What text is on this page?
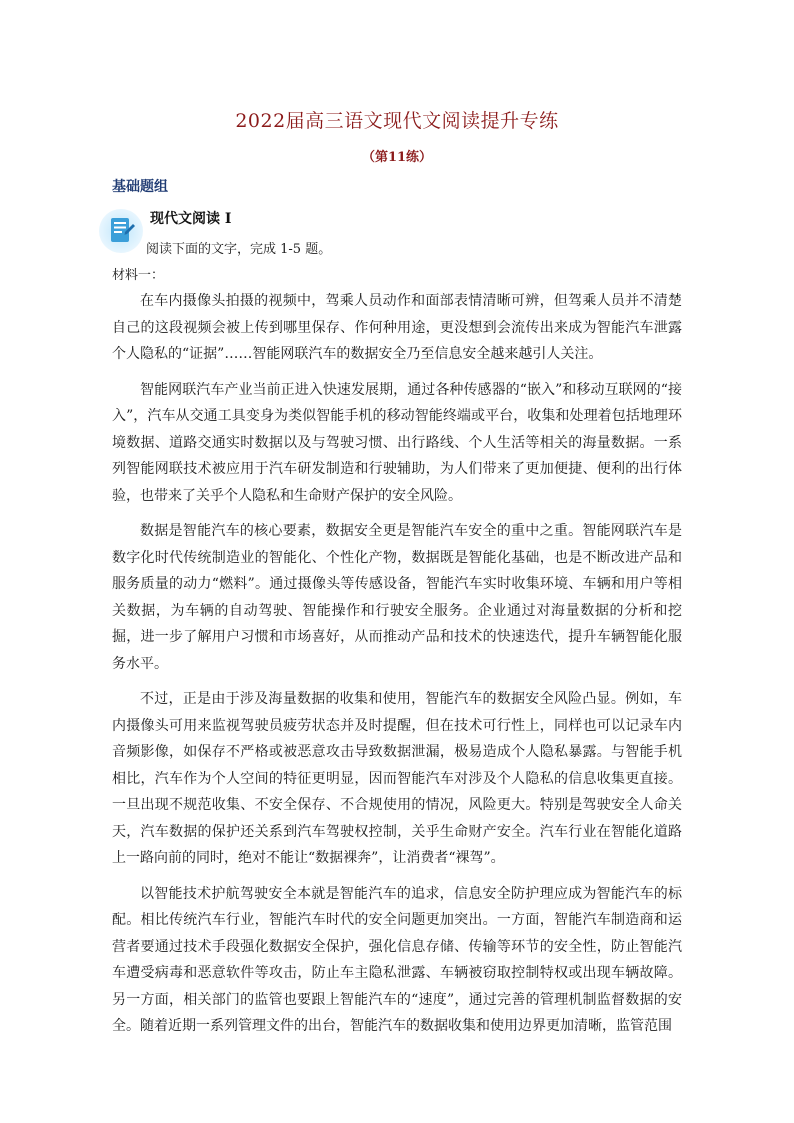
2022届高三语文现代文阅读提升专练
（第11练）
基础题组
现代文阅读 I
阅读下面的文字，完成 1-5 题。
材料一：

在车内摄像头拍摄的视频中，驾乘人员动作和面部表情清晰可辨，但驾乘人员并不清楚自己的这段视频会被上传到哪里保存、作何种用途，更没想到会流传出来成为智能汽车泄露个人隐私的“证据”……智能网联汽车的数据安全乃至信息安全越来越引人关注。

智能网联汽车产业当前正进入快速发展期，通过各种传感器的“嵌入”和移动互联网的“接入”，汽车从交通工具变身为类似智能手机的移动智能终端或平台，收集和处理着包括地理环境数据、道路交通实时数据以及与驾驶习惯、出行路线、个人生活等相关的海量数据。一系列智能网联技术被应用于汽车研发制造和行驶辅助，为人们带来了更加便捷、便利的出行体验，也带来了关乎个人隐私和生命财产保护的安全风险。

数据是智能汽车的核心要素，数据安全更是智能汽车安全的重中之重。智能网联汽车是数字化时代传统制造业的智能化、个性化产物，数据既是智能化基础，也是不断改进产品和服务质量的动力“燃料”。通过摄像头等传感设备，智能汽车实时收集环境、车辆和用户等相关数据，为车辆的自动驾驶、智能操作和行驶安全服务。企业通过对海量数据的分析和挖掘，进一步了解用户习惯和市场喜好，从而推动产品和技术的快速迭代，提升车辆智能化服务水平。

不过，正是由于涉及海量数据的收集和使用，智能汽车的数据安全风险凸显。例如，车内摄像头可用来监视驾驶员疲劳状态并及时提醒，但在技术可行性上，同样也可以记录车内音频影像，如保存不严格或被恶意攻击导致数据泄漏，极易造成个人隐私暴露。与智能手机相比，汽车作为个人空间的特征更明显，因而智能汽车对涉及个人隐私的信息收集更直接。一旦出现不规范收集、不安全保存、不合规使用的情况，风险更大。特别是驾驶安全人命关天，汽车数据的保护还关系到汽车驾驶权控制，关乎生命财产安全。汽车行业在智能化道路上一路向前的同时，绝对不能让“数据裸奔”，让消费者“裸驾”。

以智能技术护航驾驶安全本就是智能汽车的追求，信息安全防护理应成为智能汽车的标配。相比传统汽车行业，智能汽车时代的安全问题更加突出。一方面，智能汽车制造商和运营者要通过技术手段强化数据安全保护，强化信息存储、传输等环节的安全性，防止智能汽车遭受病毒和恶意软件等攻击，防止车主隐私泄露、车辆被窃取控制特权或出现车辆故障。另一方面，相关部门的监管也要跟上智能汽车的“速度”，通过完善的管理机制监督数据的安全。随着近期一系列管理文件的出台，智能汽车的数据收集和使用边界更加清晰，监管范围
